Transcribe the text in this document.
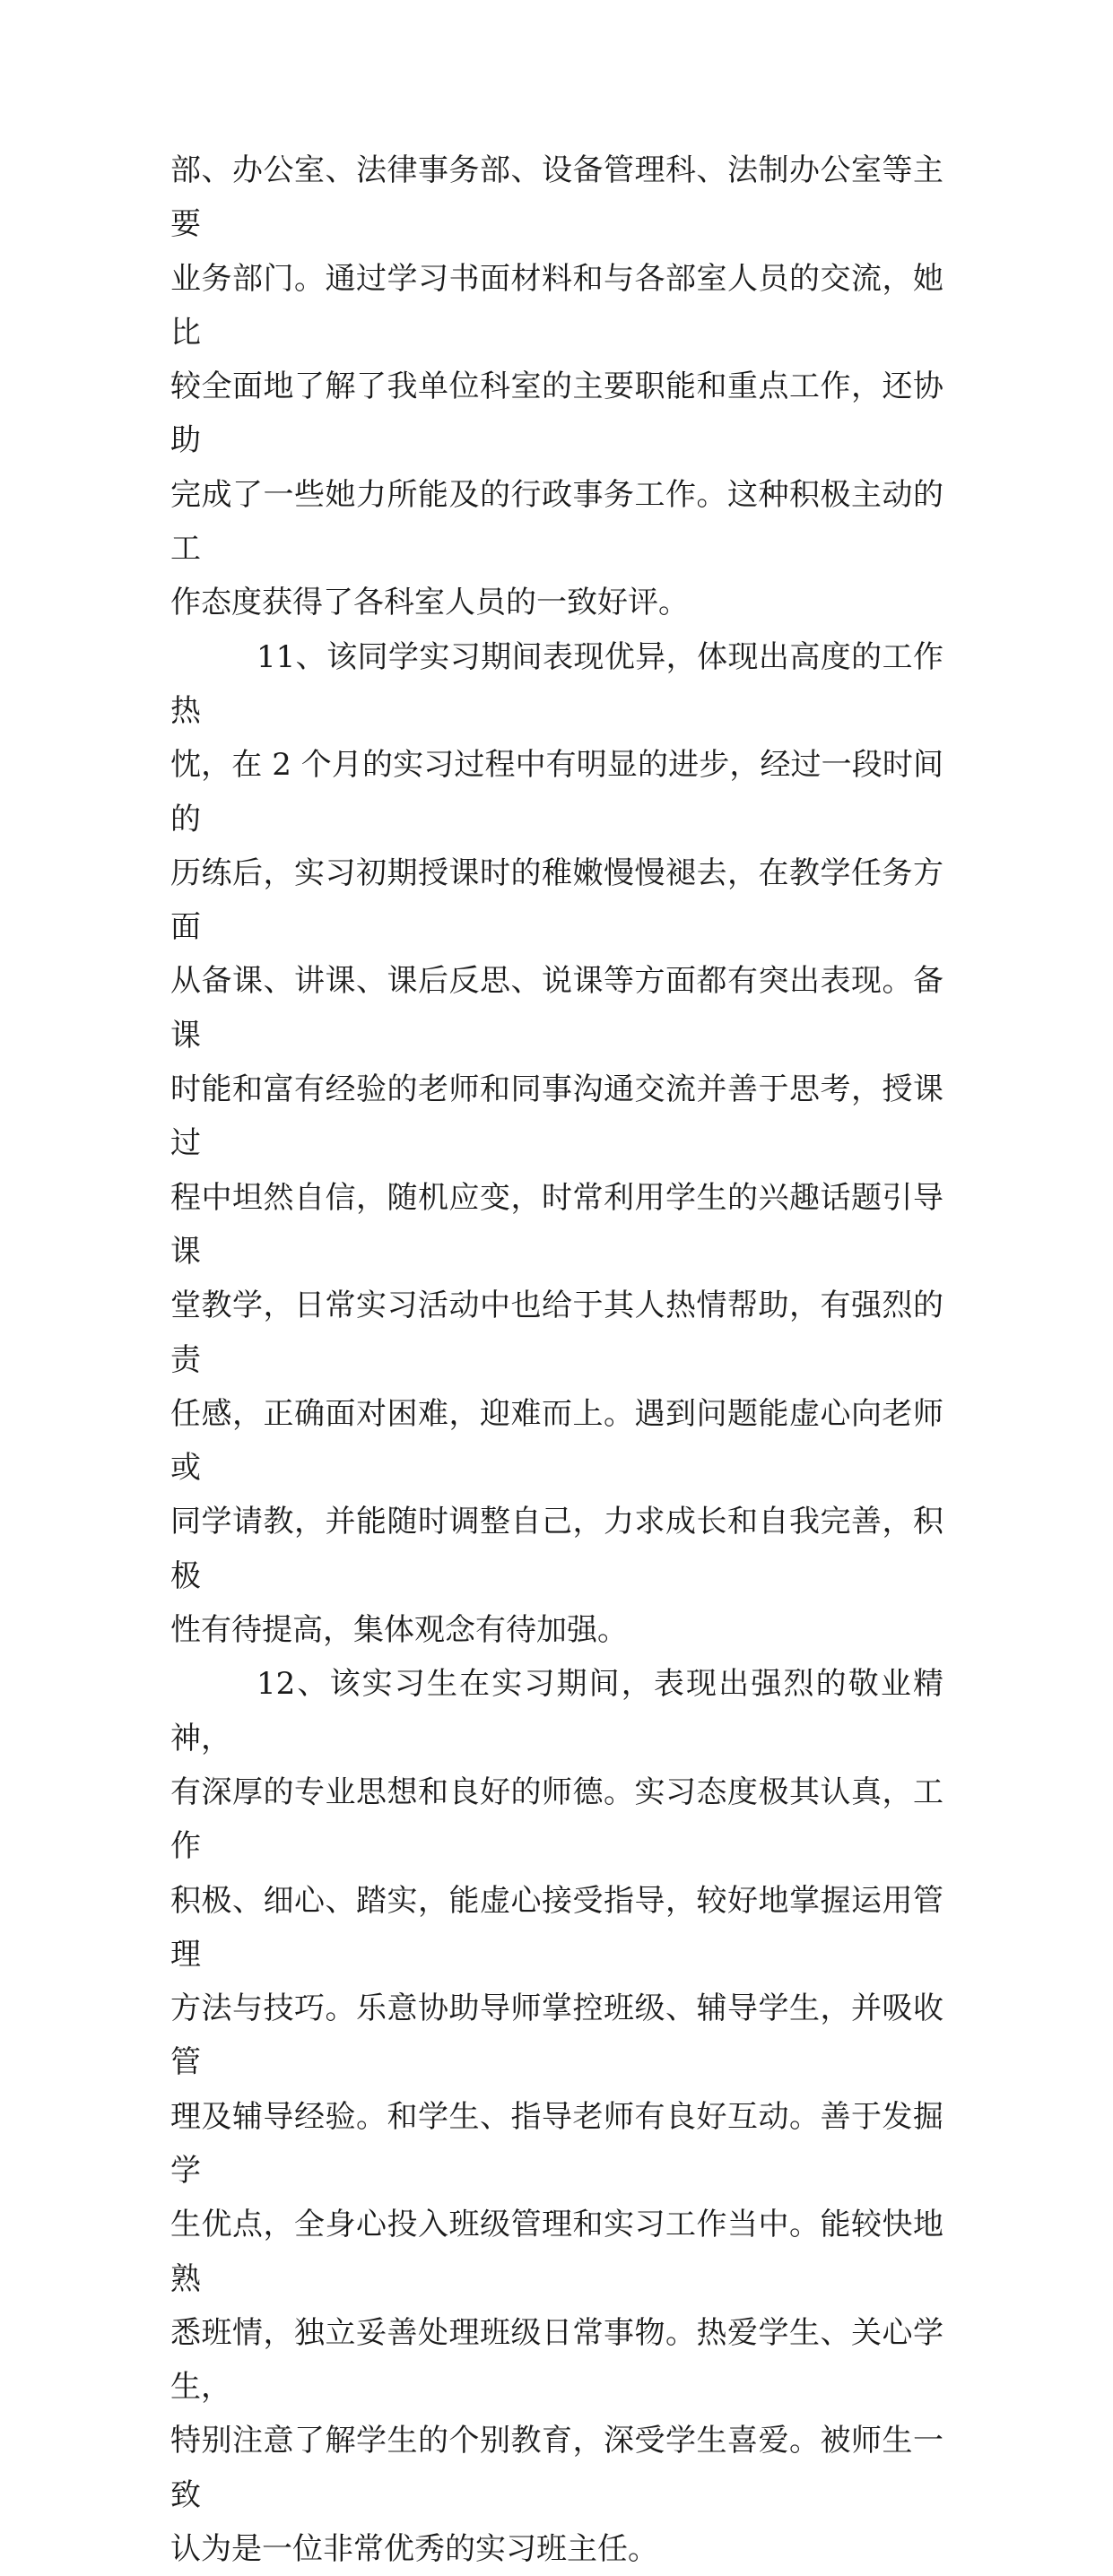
部、办公室、法律事务部、设备管理科、法制办公室等主要
业务部门。通过学习书面材料和与各部室人员的交流，她比
较全面地了解了我单位科室的主要职能和重点工作，还协助
完成了一些她力所能及的行政事务工作。这种积极主动的工
作态度获得了各科室人员的一致好评。

11、该同学实习期间表现优异，体现出高度的工作热
忱，在 2 个月的实习过程中有明显的进步，经过一段时间的
历练后，实习初期授课时的稚嫩慢慢褪去，在教学任务方面
从备课、讲课、课后反思、说课等方面都有突出表现。备课
时能和富有经验的老师和同事沟通交流并善于思考，授课过
程中坦然自信，随机应变，时常利用学生的兴趣话题引导课
堂教学，日常实习活动中也给于其人热情帮助，有强烈的责
任感，正确面对困难，迎难而上。遇到问题能虚心向老师或
同学请教，并能随时调整自己，力求成长和自我完善，积极
性有待提高，集体观念有待加强。

12、该实习生在实习期间，表现出强烈的敬业精神，
有深厚的专业思想和良好的师德。实习态度极其认真，工作
积极、细心、踏实，能虚心接受指导，较好地掌握运用管理
方法与技巧。乐意协助导师掌控班级、辅导学生，并吸收管
理及辅导经验。和学生、指导老师有良好互动。善于发掘学
生优点，全身心投入班级管理和实习工作当中。能较快地熟
悉班情，独立妥善处理班级日常事物。热爱学生、关心学生，
特别注意了解学生的个别教育，深受学生喜爱。被师生一致
认为是一位非常优秀的实习班主任。
